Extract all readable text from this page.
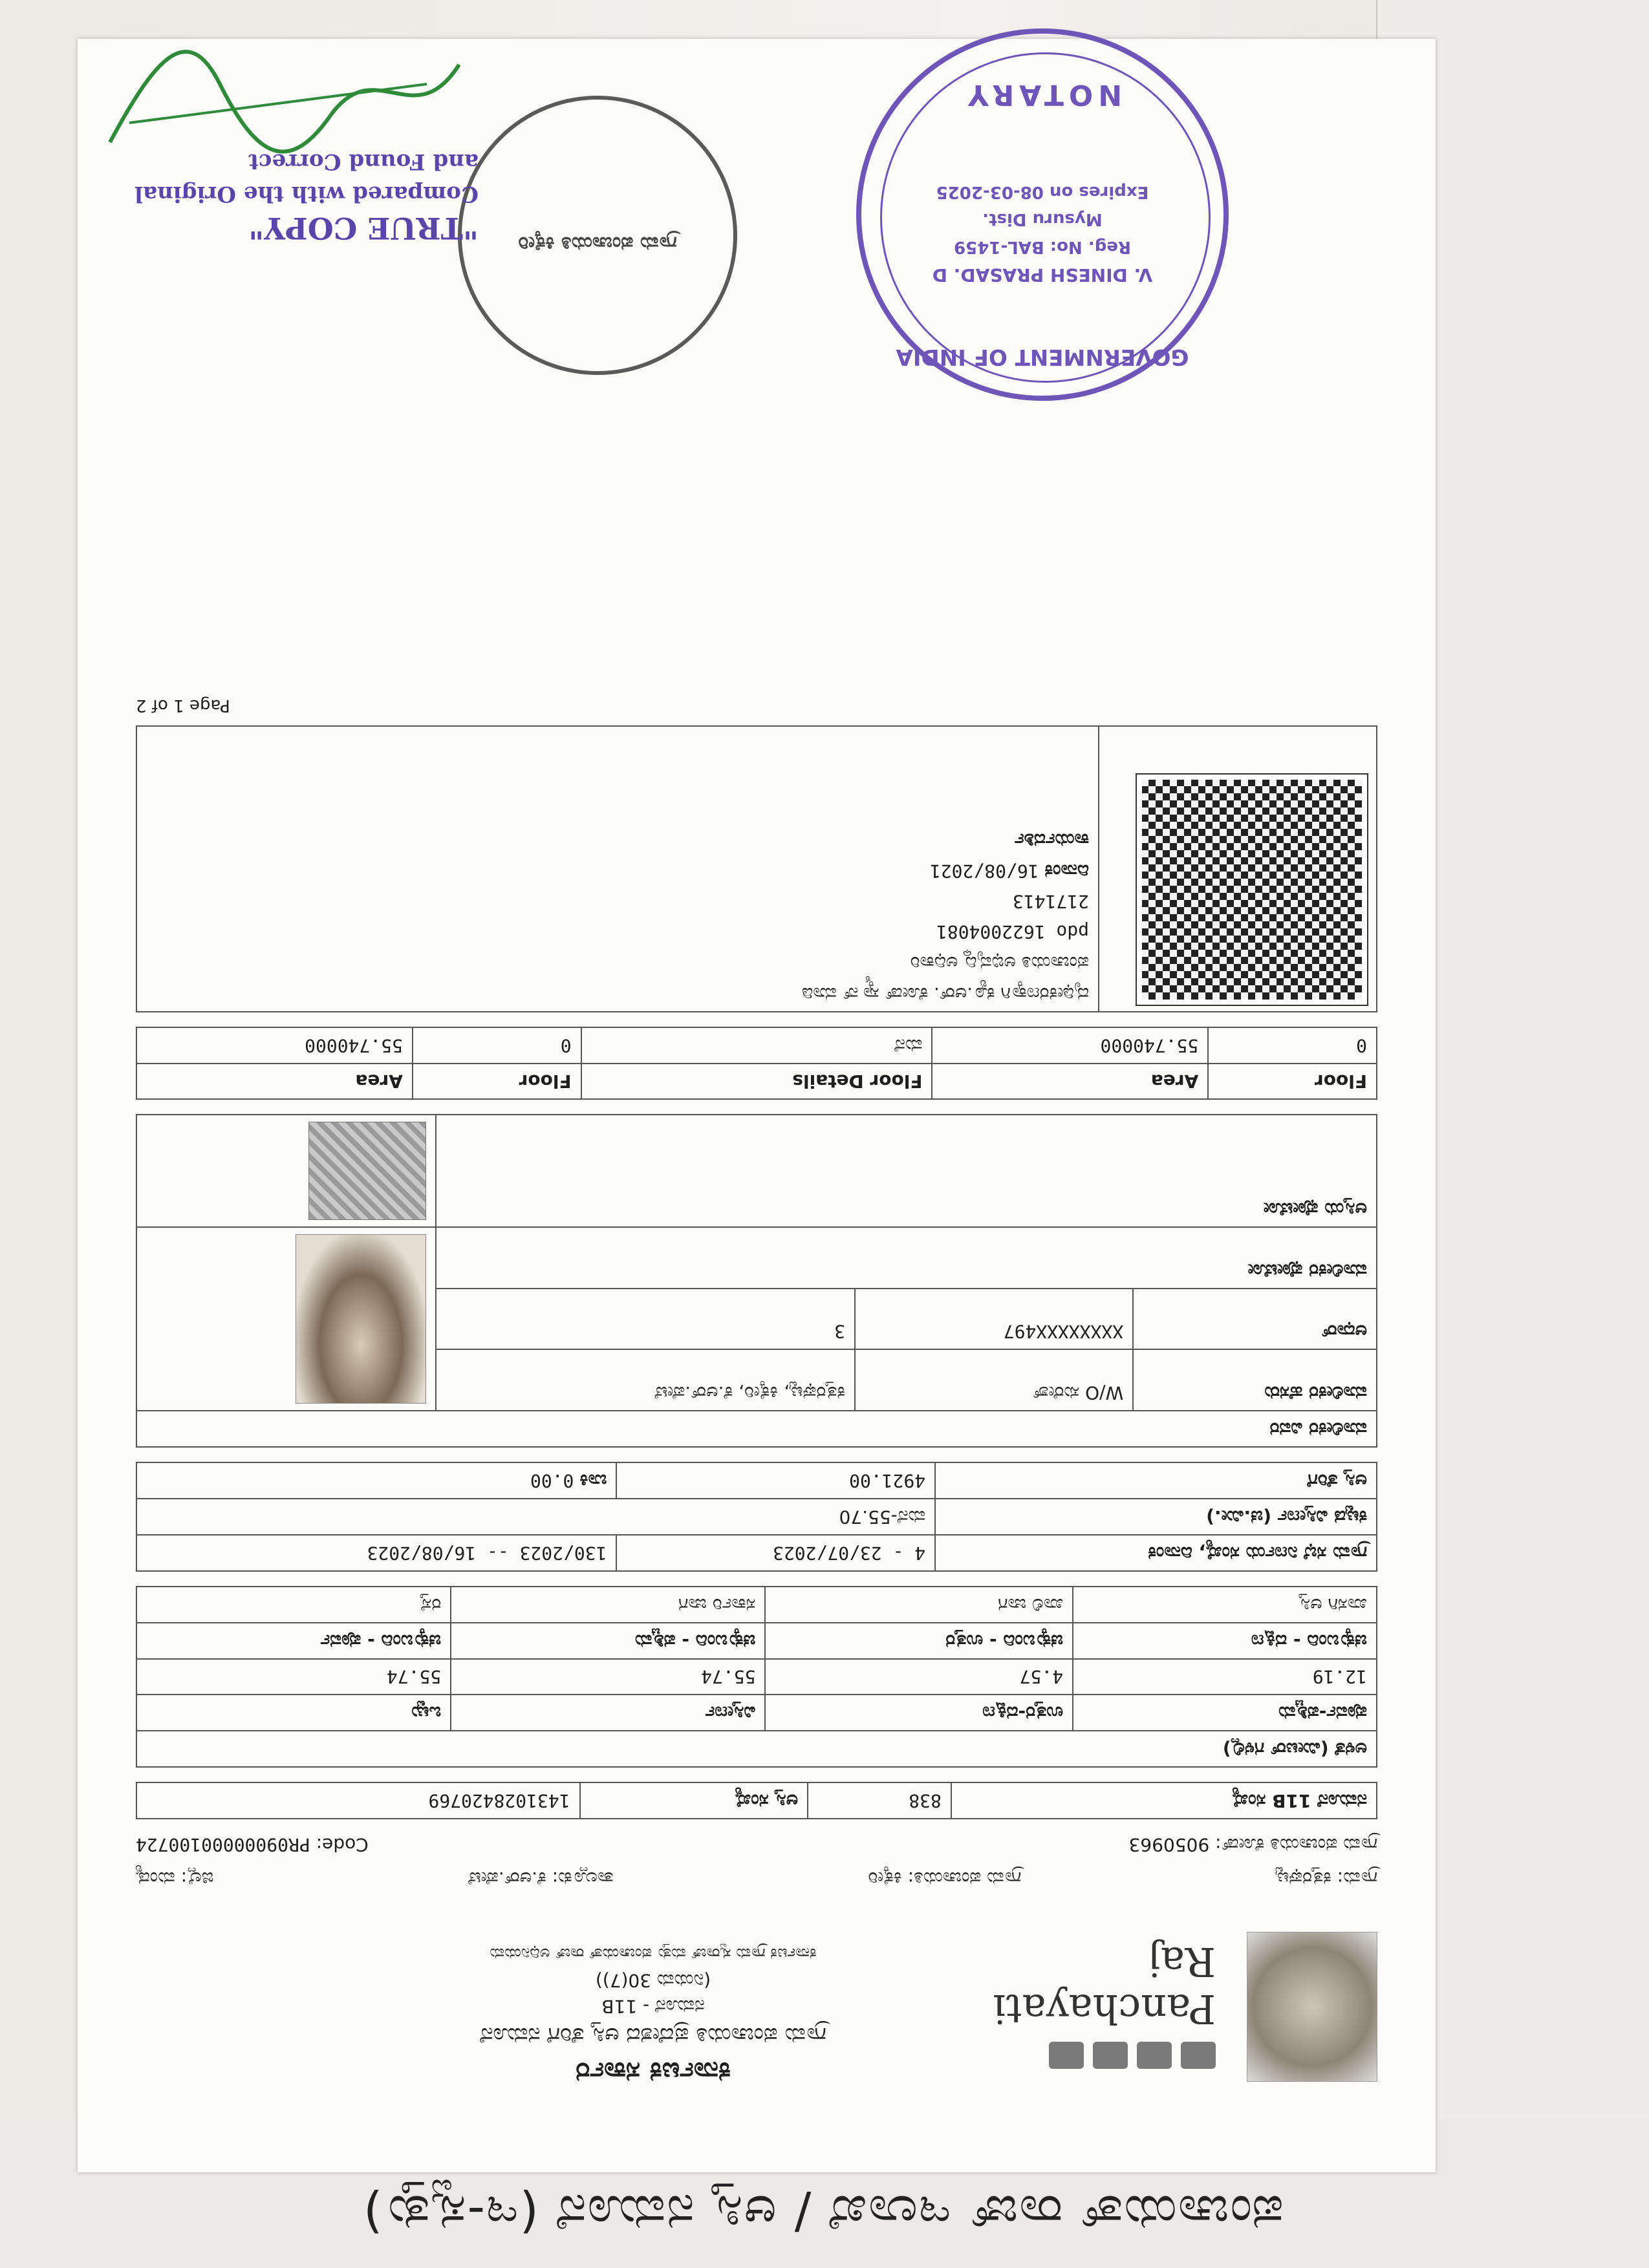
ಪಂಚಾಯತ್ ರಾಜ್ ಇಲಾಖೆ / ಆಸ್ತಿ ನಮೂನೆ (ಇ-ಸ್ವತ್ತು)
Panchayati Raj
ಕರ್ನಾಟಕ ಸರ್ಕಾರ
ಗ್ರಾಮ ಪಂಚಾಯತಿ ಪ್ರದೇಶದ ಆಸ್ತಿ ತೆರಿಗೆ ನಮೂನೆ
ನಮೂನೆ - 11B
(ನಿಯಮ 30(7))
ಕರ್ನಾಟಕ ಗ್ರಾಮ ಸ್ವರಾಜ್ ಮತ್ತು ಪಂಚಾಯತ್ ರಾಜ್ ಅಧಿನಿಯಮ
ಗ್ರಾಮ: ಕತ್ತರಘಟ್ಟ
ಗ್ರಾಮ ಪಂಚಾಯತಿ: ಕಿಕ್ಕೇರಿ
ತಾಲ್ಲೂಕು: ಕೆ.ಆರ್.ಪೇಟೆ
ಜಿಲ್ಲೆ: ಮಂಡ್ಯ
ಗ್ರಾಮ ಪಂಚಾಯತಿ ಕೋಡ್: 9050963
Code: PR09000000100724
ನಮೂನೆ 11B ಸಂಖ್ಯೆ	838	ಆಸ್ತಿ ಸಂಖ್ಯೆ	1431028420769
ಅಳತೆ (ಮೀಟರ್ ಗಳಲ್ಲಿ)			
ಪೂರ್ವ-ಪಶ್ಚಿಮ	ಉತ್ತರ-ದಕ್ಷಿಣ	ವಿಸ್ತೀರ್ಣ	ಒಟ್ಟು
12.19	4.57	55.74	55.74
ಚಕ್ಕುಬಂದಿ - ದಕ್ಷಿಣ	ಚಕ್ಕುಬಂದಿ - ಉತ್ತರ	ಚಕ್ಕುಬಂದಿ - ಪಶ್ಚಿಮ	ಚಕ್ಕುಬಂದಿ - ಪೂರ್ವ
ಖಾಸಗಿ ಆಸ್ತಿ	ಖಾಲಿ ಜಾಗ	ಸರ್ಕಾರಿ ಜಾಗ	ರಸ್ತೆ
ಗ್ರಾಮ ಸಭೆ ನಿರ್ಣಯ ಸಂಖ್ಯೆ, ದಿನಾಂಕ	4 - 23/07/2023	130/2023 -- 16/08/2023
ಕಟ್ಟಡ ವಿಸ್ತೀರ್ಣ (ಚ.ಮೀ.)	ಮನೆ-55.70	
ಆಸ್ತಿ ತೆರಿಗೆ	4921.00	ಬಾಕಿ 0.00
ಮಾಲೀಕರ ವಿವರ			
ಮಾಲೀಕರ ಹೆಸರು	W/O ಸುರೇಶ್	ಕತ್ತರಘಟ್ಟ, ಕಿಕ್ಕೇರಿ, ಕೆ.ಆರ್.ಪೇಟೆ	

ಆಧಾರ್	XXXXXXXX497	3	
ಮಾಲೀಕರ ಫೋಟೋ			
ಆಸ್ತಿಯ ಫೋಟೋ			
Floor	Area	Floor Details	Floor	Area
0	55.740000	ಮನೆ	0	55.740000

ದೃಢೀಕರಣಕ್ಕಾಗಿ ಕ್ಯೂ.ಆರ್. ಕೋಡ್ ಸ್ಕ್ಯಾನ್ ಮಾಡಿ
ಪಂಚಾಯತಿ ಅಭಿವೃದ್ಧಿ ಅಧಿಕಾರಿ
pdo 1622004081
2171413
ದಿನಾಂಕ 16/08/2021
ಕಾರ್ಯದರ್ಶಿ
Page 1 of 2
ಗ್ರಾಮ ಪಂಚಾಯತಿ ಕಿಕ್ಕೇರಿ
GOVERNMENT OF INDIA
V. DINESH PRASAD. D
Reg. No: BAL-1459
Mysuru Dist.
Expires on 08-03-2025
NOTARY
"TRUE COPY"
Compared with the Original
and Found Correct
